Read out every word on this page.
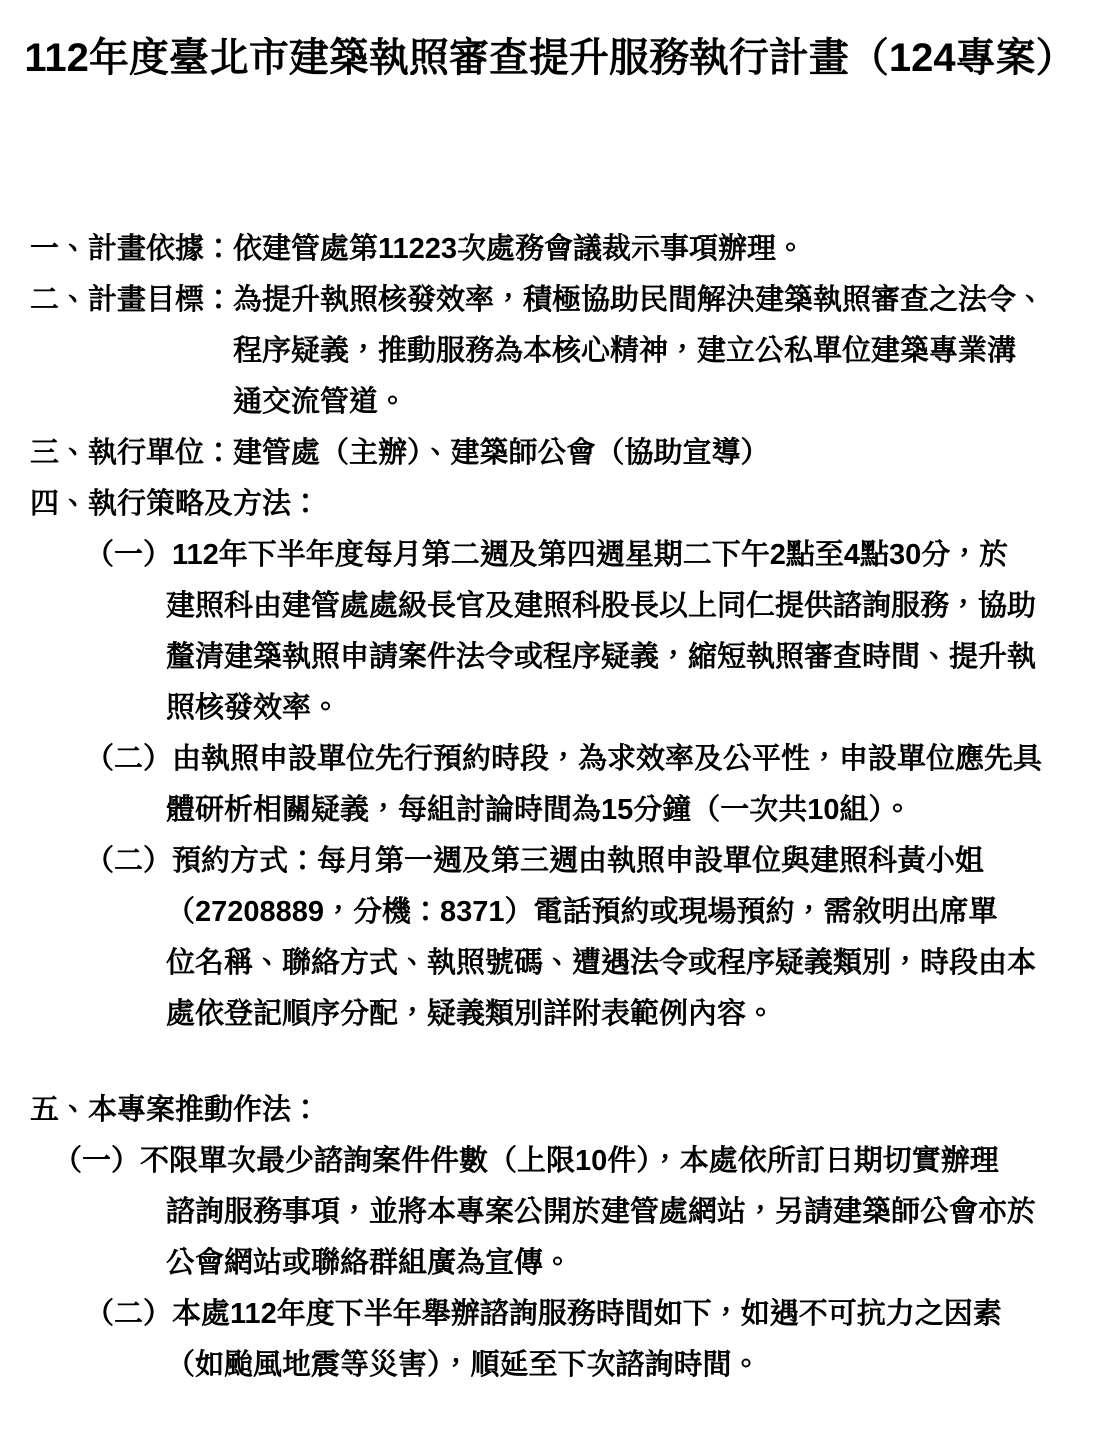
112年度臺北市建築執照審查提升服務執行計畫（124專案）
一、計畫依據：依建管處第11223次處務會議裁示事項辦理。
二、計畫目標：為提升執照核發效率，積極協助民間解決建築執照審查之法令、
程序疑義，推動服務為本核心精神，建立公私單位建築專業溝
通交流管道。
三、執行單位：建管處（主辦）、建築師公會（協助宣導）
四、執行策略及方法：
（一）112年下半年度每月第二週及第四週星期二下午2點至4點30分，於
建照科由建管處處級長官及建照科股長以上同仁提供諮詢服務，協助
釐清建築執照申請案件法令或程序疑義，縮短執照審查時間、提升執
照核發效率。
（二）由執照申設單位先行預約時段，為求效率及公平性，申設單位應先具
體研析相關疑義，每組討論時間為15分鐘（一次共10組）。
（二）預約方式：每月第一週及第三週由執照申設單位與建照科黃小姐
（27208889，分機：8371）電話預約或現場預約，需敘明出席單
位名稱、聯絡方式、執照號碼、遭遇法令或程序疑義類別，時段由本
處依登記順序分配，疑義類別詳附表範例內容。
五、本專案推動作法：
（一）不限單次最少諮詢案件件數（上限10件），本處依所訂日期切實辦理
諮詢服務事項，並將本專案公開於建管處網站，另請建築師公會亦於
公會網站或聯絡群組廣為宣傳。
（二）本處112年度下半年舉辦諮詢服務時間如下，如遇不可抗力之因素
（如颱風地震等災害），順延至下次諮詢時間。
